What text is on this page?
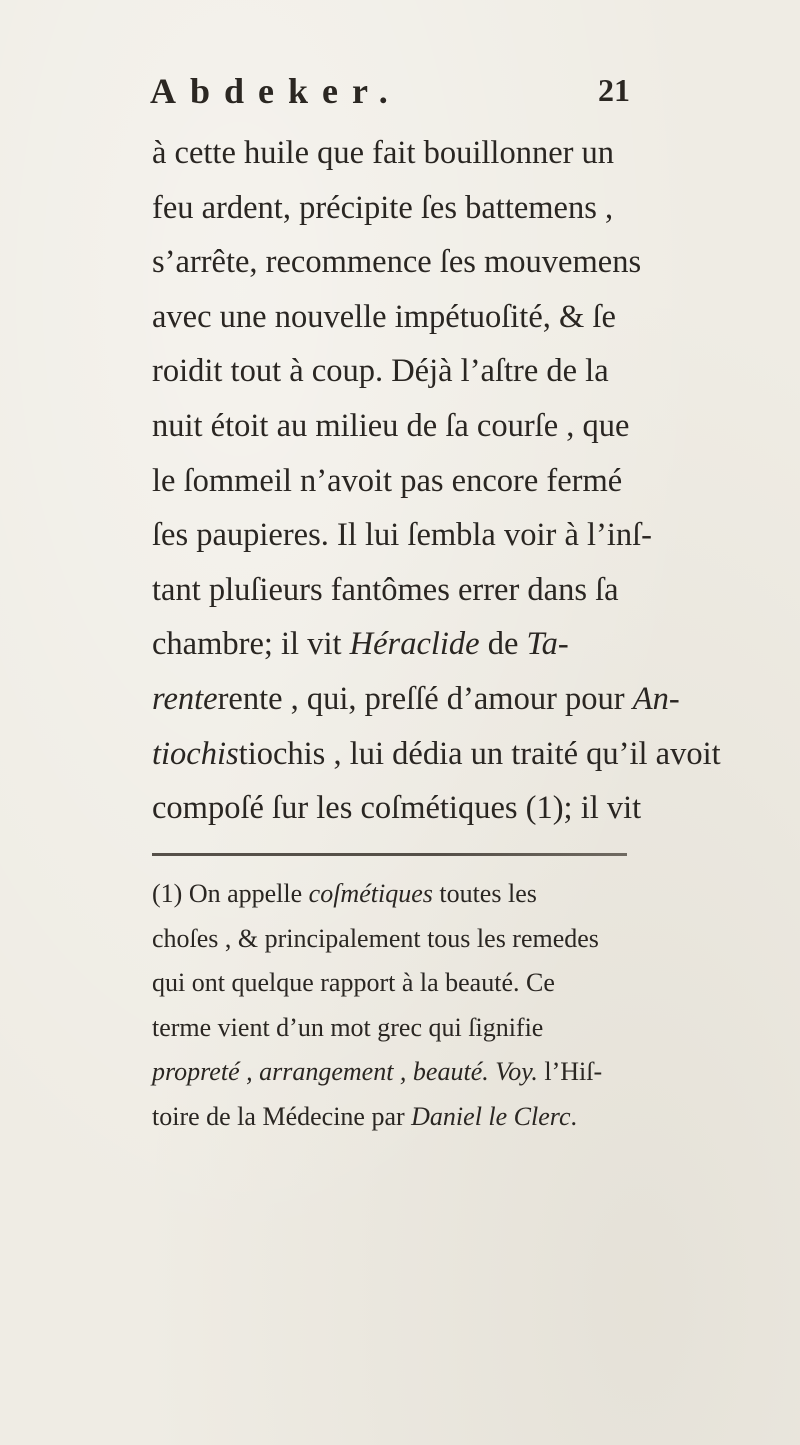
Abdeker.	21
à cette huile que fait bouillonner un
feu ardent, précipite ſes battemens ,
s’arrête, recommence ſes mouvemens
avec une nouvelle impétuoſité, & ſe
roidit tout à coup. Déjà l’aſtre de la
nuit étoit au milieu de ſa courſe , que
le ſommeil n’avoit pas encore fermé
ſes paupieres. Il lui ſembla voir à l’inſ-
tant pluſieurs fantômes errer dans ſa
chambre; il vit Héraclide de Ta-
renterente , qui, preſſé d’amour pour An-
tiochistiochis , lui dédia un traité qu’il avoit
compoſé ſur les coſmétiques (1); il vit
(1) On appelle coſmétiques toutes les
choſes , & principalement tous les remedes
qui ont quelque rapport à la beauté. Ce
terme vient d’un mot grec qui ſignifie
propreté , arrangement , beauté. Voy. l’Hiſ-
toire de la Médecine par Daniel le Clerc.
